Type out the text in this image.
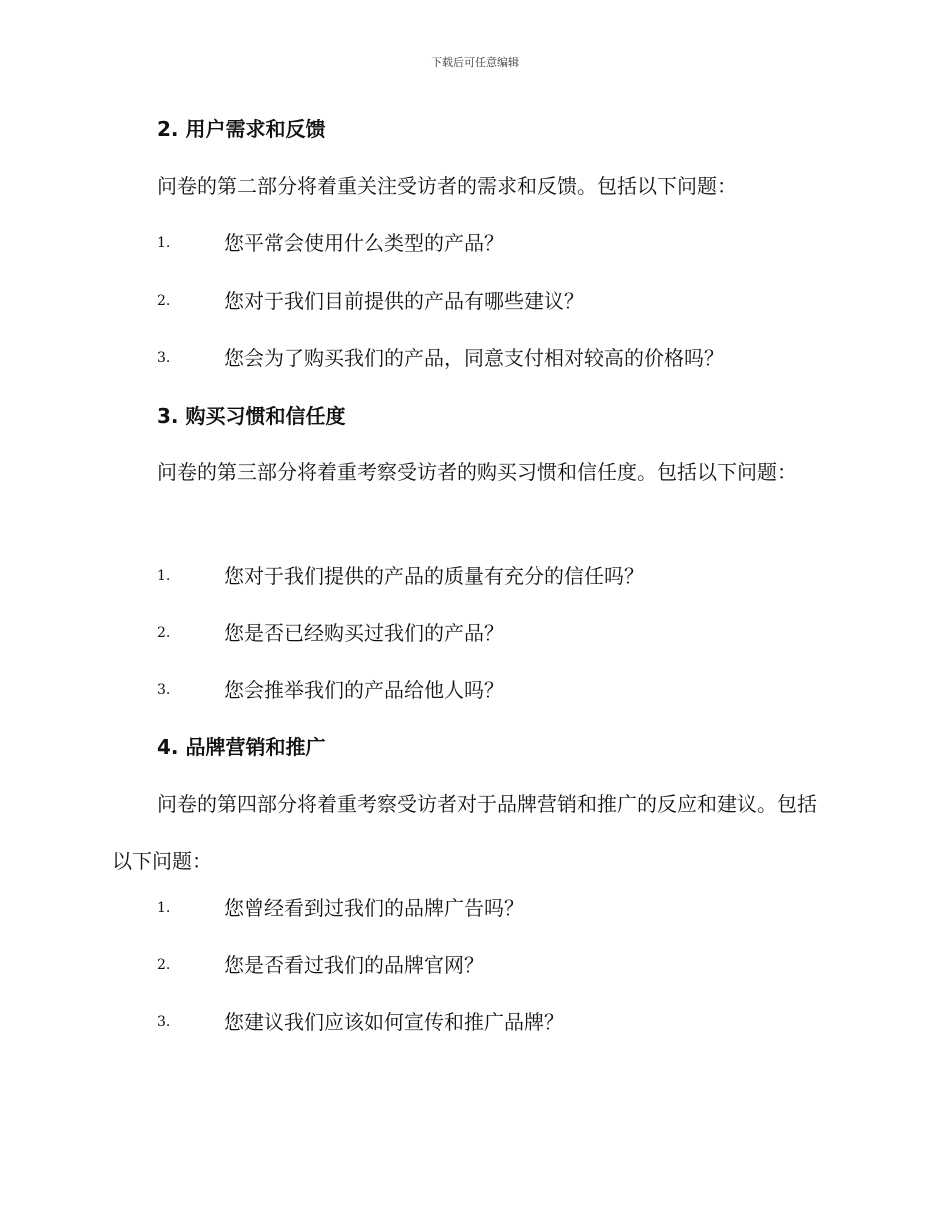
下载后可任意编辑
2. 用户需求和反馈

问卷的第二部分将着重关注受访者的需求和反馈。包括以下问题：

1.	您平常会使用什么类型的产品？
2.	您对于我们目前提供的产品有哪些建议？
3.	您会为了购买我们的产品，同意支付相对较高的价格吗？
3. 购买习惯和信任度

问卷的第三部分将着重考察受访者的购买习惯和信任度。包括以下问题：

1.	您对于我们提供的产品的质量有充分的信任吗？
2.	您是否已经购买过我们的产品？
3.	您会推举我们的产品给他人吗？
4. 品牌营销和推广

问卷的第四部分将着重考察受访者对于品牌营销和推广的反应和建议。包括以下问题：

1.	您曾经看到过我们的品牌广告吗？
2.	您是否看过我们的品牌官网？
3.	您建议我们应该如何宣传和推广品牌？
